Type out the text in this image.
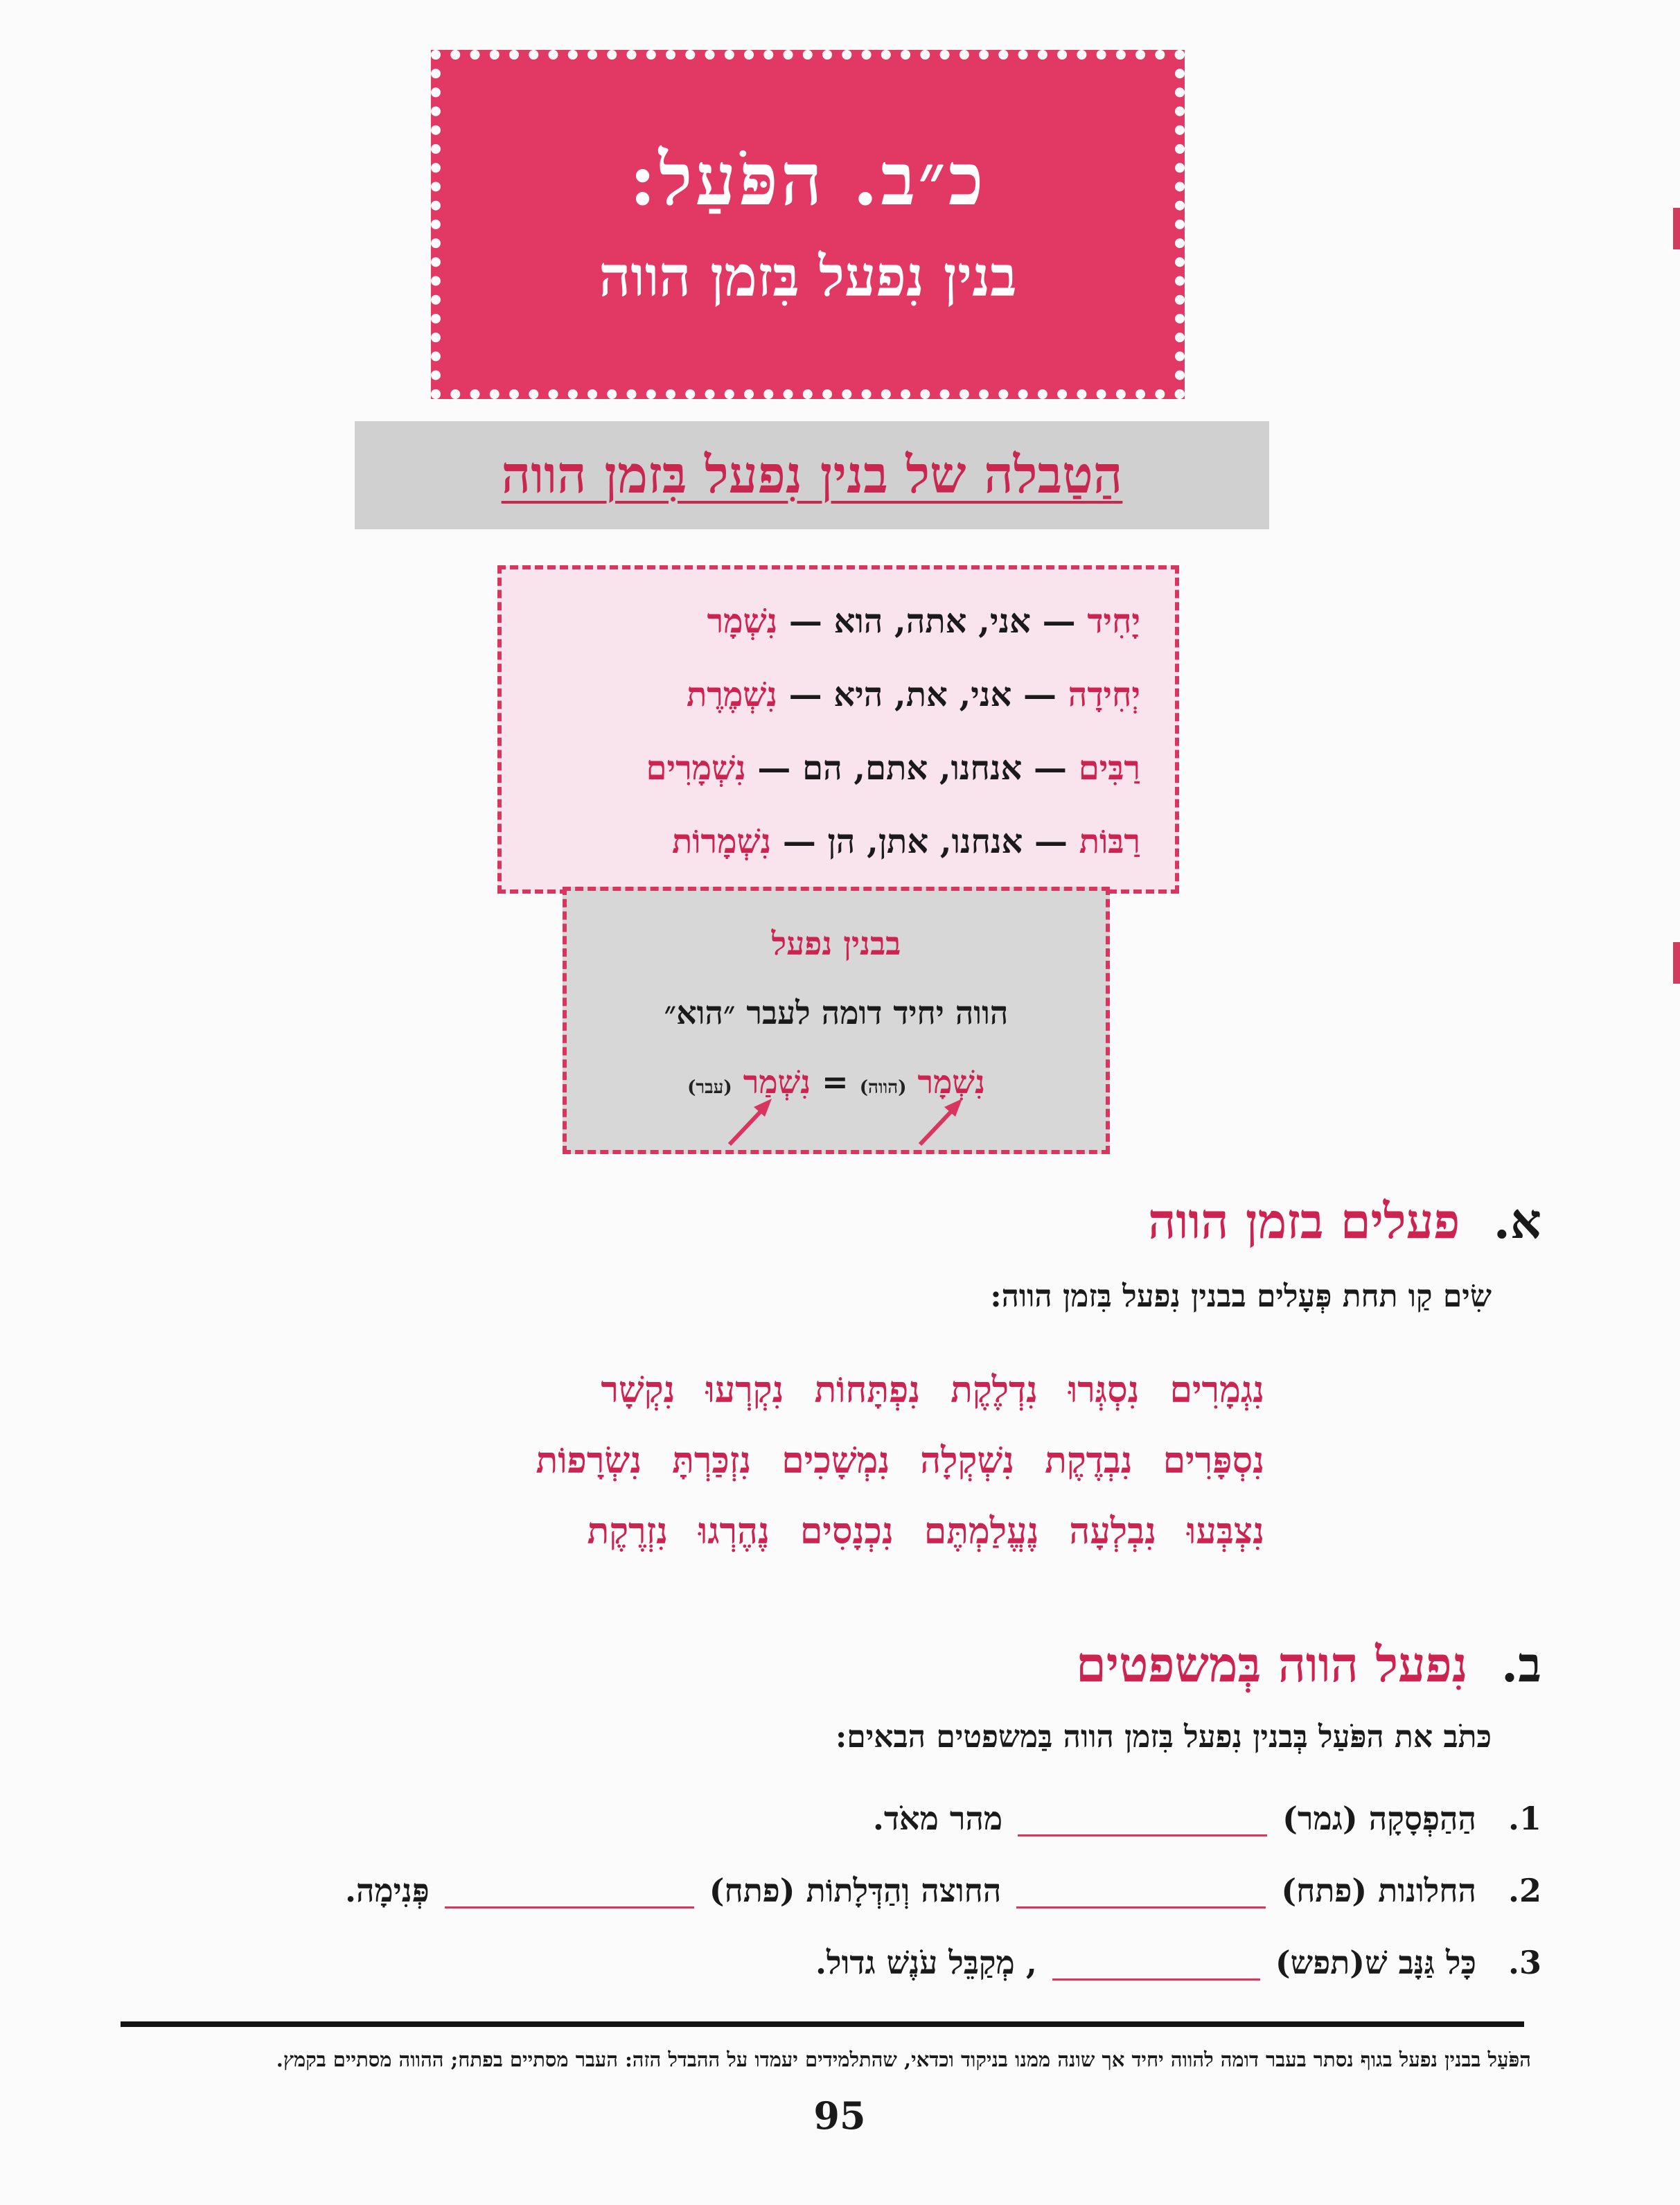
כ״ב. הפֹּעַל:
בנין נִפעל בִּזמן הווה
הַטַבלה של בנין נִפעל בִּזמן הווה
יָחִיד — אני, אתה, הוא — נִשְׁמָר
יְחִידָה — אני, את, היא — נִשְׁמֶרֶת
רַבִּים — אנחנו, אתם, הם — נִשְׁמָרִים
רַבּוֹת — אנחנו, אתן, הן — נִשְׁמָרוֹת
בבנין נפעל
הווה יחיד דומה לעבר ״הוא״
נִשְׁמָר (הווה) = נִשְׁמַר (עבר)
א. פעלים בזמן הווה
שִׂים קַו תחת פְּעָלים בבנין נִפעל בִּזמן הווה:
נִגְמָרִים
נִסְגְּרוּ
נִדְלֶקֶת
נִפְתָּחוֹת
נִקְרְעוּ
נִקְשָׁר
נִסְפָּרִים
נִבְדֶקֶת
נִשְׁקְלָה
נִמְשָׁכִים
נִזְכַּרְתָּ
נִשְׂרָפוֹת
נִצְבְּעוּ
נִבְלְעָה
נֶעֱלַמְתֶּם
נִכְנָסִים
נֶהֶרְגוּ
נִזְרֶקֶת
ב. נִפעל הווה בְּמשפטים
כּתֹב את הפֹּעַל בְּבנין נִפעל בִּזמן הווה בַּמשפטים הבאים:
1. הַהַפְסָקָה (גמר)מהר מאֹד.
2. החלונות (פתח)החוצה וְהַדְּלָתוֹת (פתח)פְּנִימָה.
3. כָּל גַּנָּב שׁ(תפש), מְקַבֵּל עֹנֶשׁ גדול.
הפֹּעַל בבנין נפעל בגוף נסתר בעבר דומה להווה יחיד אך שונה ממנו בניקוד וכדאי, שהתלמידים יעמדו על ההבדל הזה: העבר מסתיים בפתח; ההווה מסתיים בקמץ.
95
